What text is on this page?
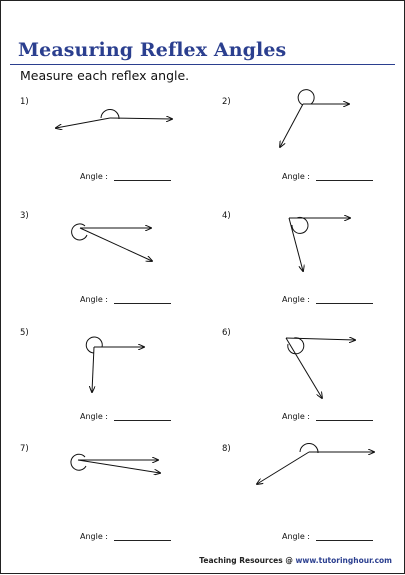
Measuring Reflex Angles
Measure each reflex angle.
1)	2)
3)	4)
5)	6)
7)	8)
Angle :	Angle :
Angle :	Angle :
Angle :	Angle :
Angle :	Angle :
Teaching Resources @ www.tutoringhour.com
